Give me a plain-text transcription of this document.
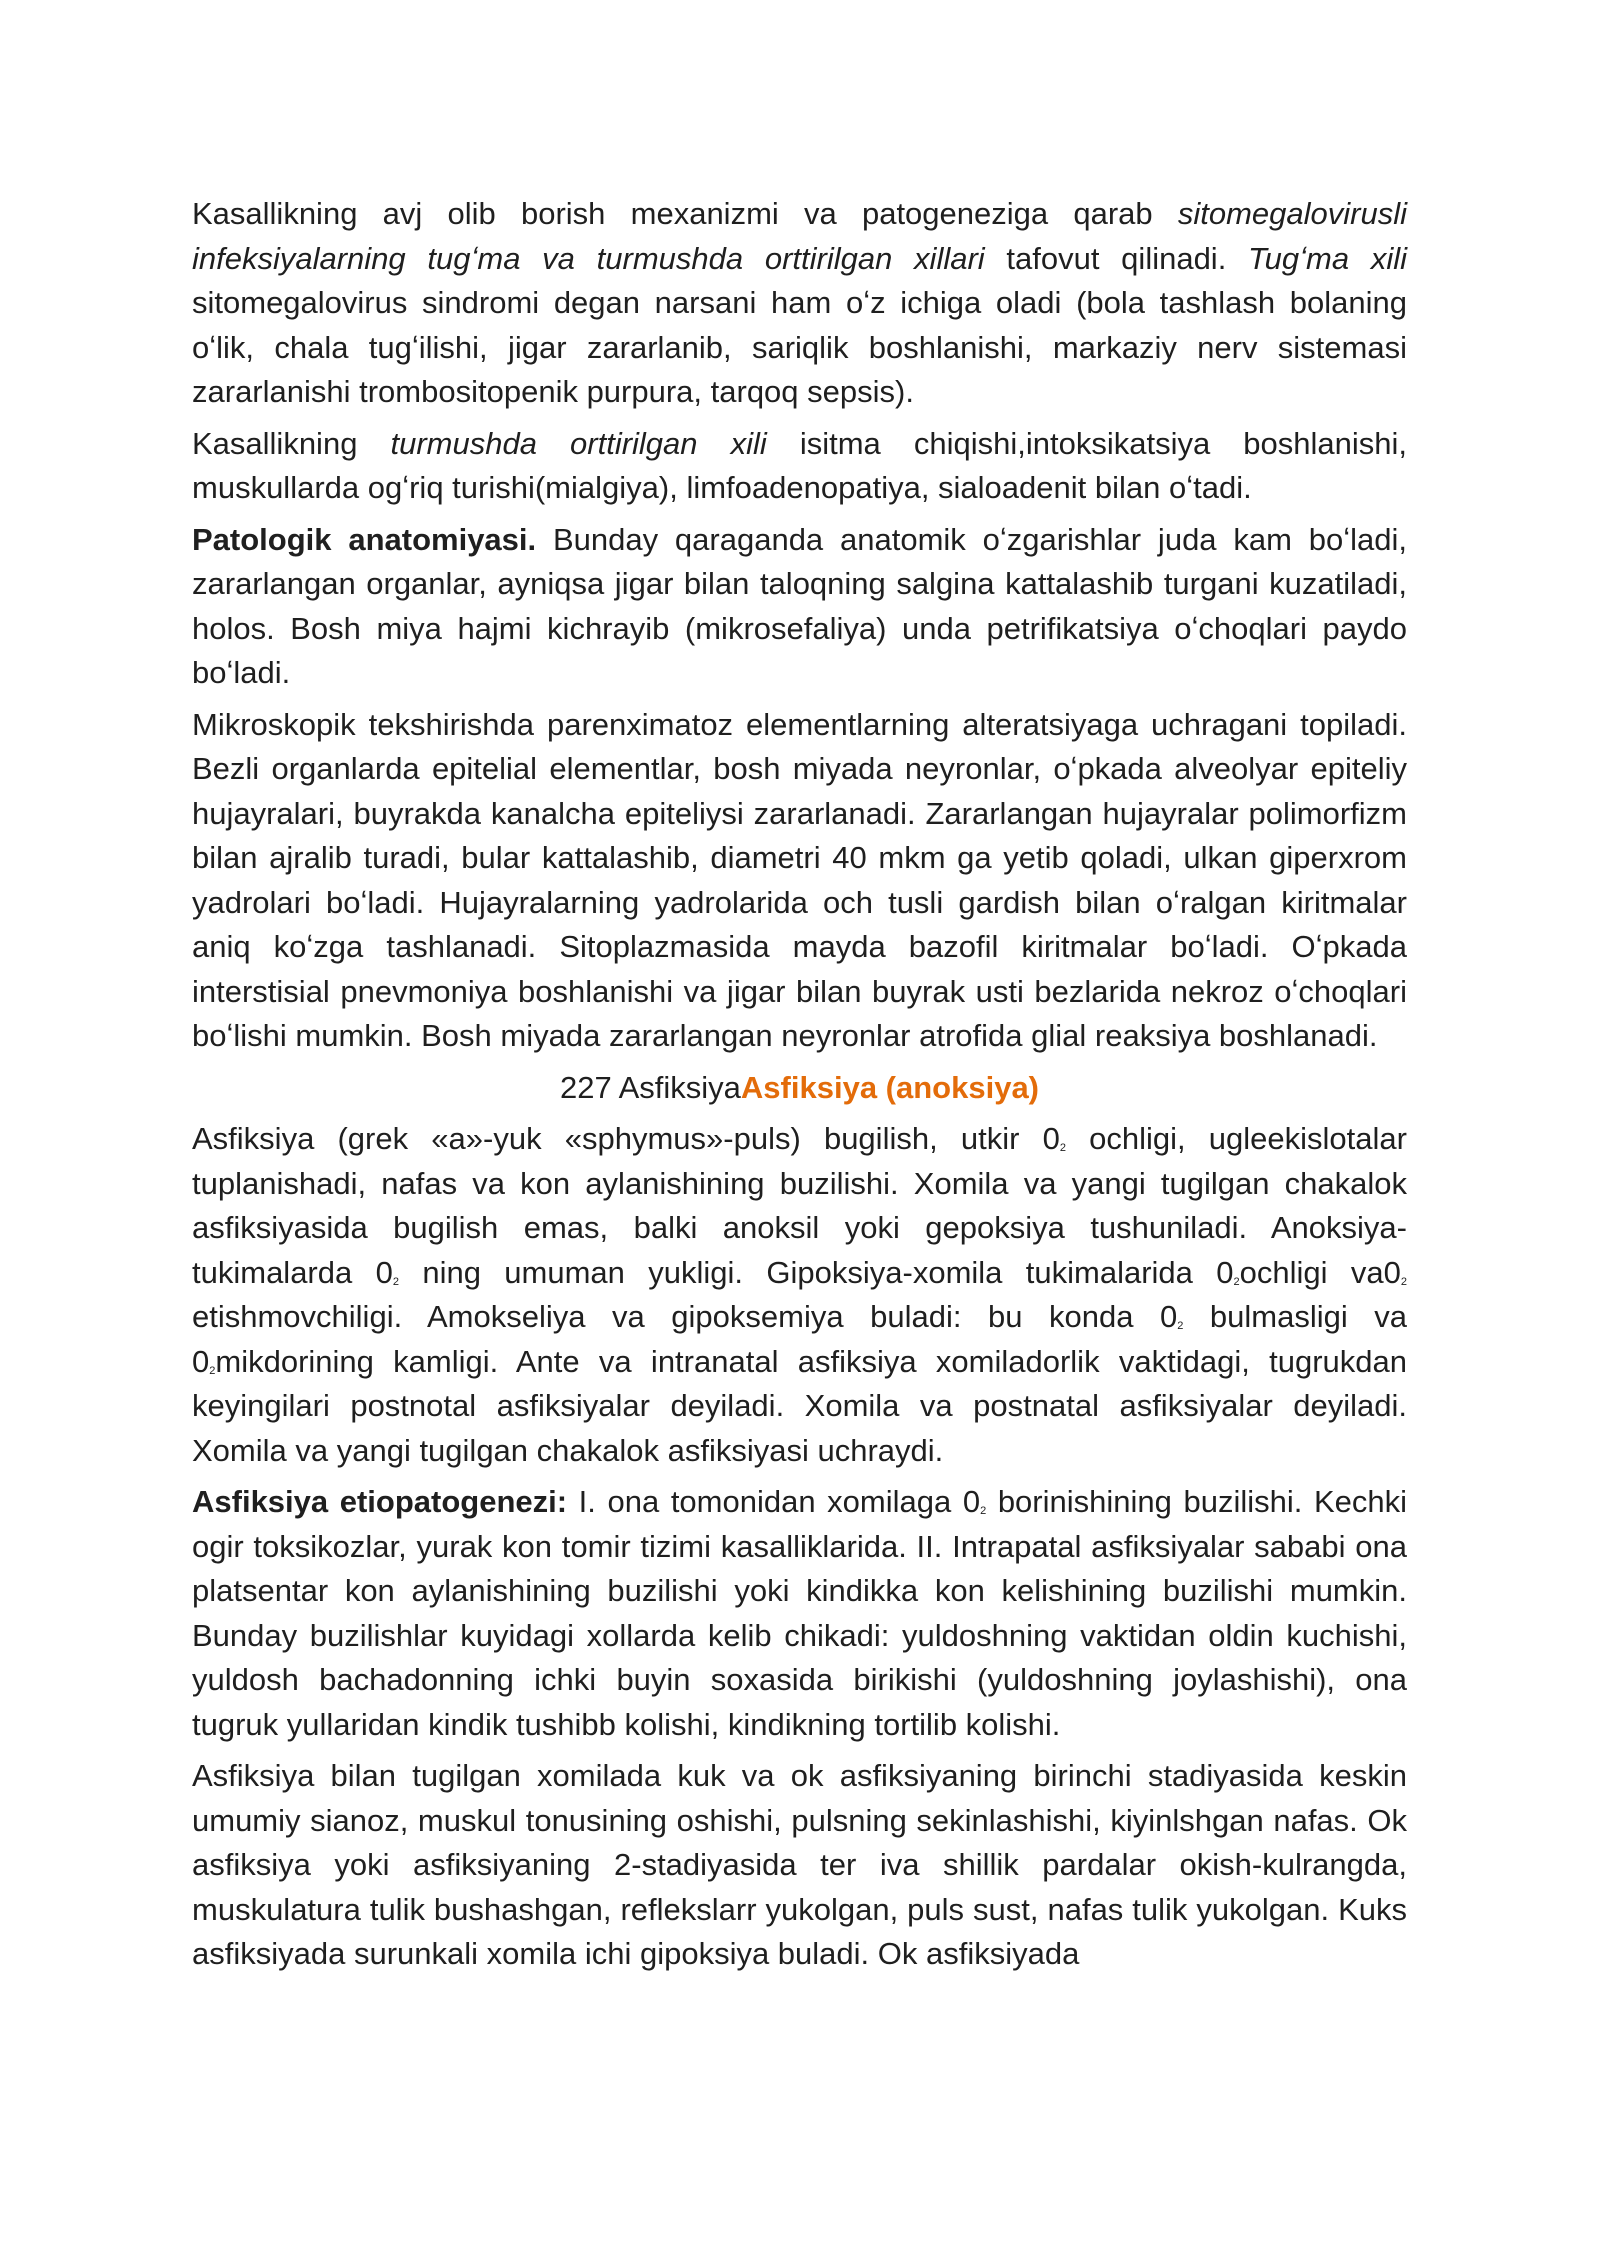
Kasallikning avj olib borish mexanizmi va patogeneziga qarab sitomegalovirusli infeksiyalarning tugʻma va turmushda orttirilgan xillari tafovut qilinadi. Tugʻma xili sitomegalovirus sindromi degan narsani ham oʻz ichiga oladi (bola tashlash bolaning oʻlik, chala tugʻilishi, jigar zararlanib, sariqlik boshlanishi, markaziy nerv sistemasi zararlanishi trombositopenik purpura, tarqoq sepsis).

Kasallikning turmushda orttirilgan xili isitma chiqishi,intoksikatsiya boshlanishi, muskullarda ogʻriq turishi(mialgiya), limfoadenopatiya, sialoadenit bilan oʻtadi.

Patologik anatomiyasi. Bunday qaraganda anatomik oʻzgarishlar juda kam boʻladi, zararlangan organlar, ayniqsa jigar bilan taloqning salgina kattalashib turgani kuzatiladi, holos. Bosh miya hajmi kichrayib (mikrosefaliya) unda petrifikatsiya oʻchoqlari paydo boʻladi.

Mikroskopik tekshirishda parenximatoz elementlarning alteratsiyaga uchragani topiladi. Bezli organlarda epitelial elementlar, bosh miyada neyronlar, oʻpkada alveolyar epiteliy hujayralari, buyrakda kanalcha epiteliysi zararlanadi. Zararlangan hujayralar polimorfizm bilan ajralib turadi, bular kattalashib, diametri 40 mkm ga yetib qoladi, ulkan giperxrom yadrolari boʻladi. Hujayralarning yadrolarida och tusli gardish bilan oʻralgan kiritmalar aniq koʻzga tashlanadi. Sitoplazmasida mayda bazofil kiritmalar boʻladi. Oʻpkada interstisial pnevmoniya boshlanishi va jigar bilan buyrak usti bezlarida nekroz oʻchoqlari boʻlishi mumkin. Bosh miyada zararlangan neyronlar atrofida glial reaksiya boshlanadi.

227 AsfiksiyaAsfiksiya (anoksiya)

Asfiksiya (grek «a»-yuk «sphymus»-puls) bugilish, utkir $0_2$ ochligi, ugleekislotalar tuplanishadi, nafas va kon aylanishining buzilishi. Xomila va yangi tugilgan chakalok asfiksiyasida bugilish emas, balki anoksil yoki gepoksiya tushuniladi. Anoksiya-tukimalarda $0_2$ ning umuman yukligi. Gipoksiya-xomila tukimalarida $0_2ochligi$ $va0_2$ etishmovchiligi. Amokseliya va gipoksemiya buladi: bu konda $0_2$ bulmasligi va $0_2mikdorining$ kamligi. Ante va intranatal asfiksiya xomiladorlik vaktidagi, tugrukdan keyingilari postnotal asfiksiyalar deyiladi. Xomila va postnatal asfiksiyalar deyiladi. Xomila va yangi tugilgan chakalok asfiksiyasi uchraydi.

Asfiksiya etiopatogenezi: I. ona tomonidan xomilaga $0_2$ borinishining buzilishi. Kechki ogir toksikozlar, yurak kon tomir tizimi kasalliklarida. II. Intrapatal asfiksiyalar sababi ona platsentar kon aylanishining buzilishi yoki kindikka kon kelishining buzilishi mumkin. Bunday buzilishlar kuyidagi xollarda kelib chikadi: yuldoshning vaktidan oldin kuchishi, yuldosh bachadonning ichki buyin soxasida birikishi (yuldoshning joylashishi), ona tugruk yullaridan kindik tushibb kolishi, kindikning tortilib kolishi.

Asfiksiya bilan tugilgan xomilada kuk va ok asfiksiyaning birinchi stadiyasida keskin umumiy sianoz, muskul tonusining oshishi, pulsning sekinlashishi, kiyinlshgan nafas. Ok asfiksiya yoki asfiksiyaning 2-stadiyasida ter iva shillik pardalar okish-kulrangda, muskulatura tulik bushashgan, reflekslarr yukolgan, puls sust, nafas tulik yukolgan. Kuks asfiksiyada surunkali xomila ichi gipoksiya buladi. Ok asfiksiyada
